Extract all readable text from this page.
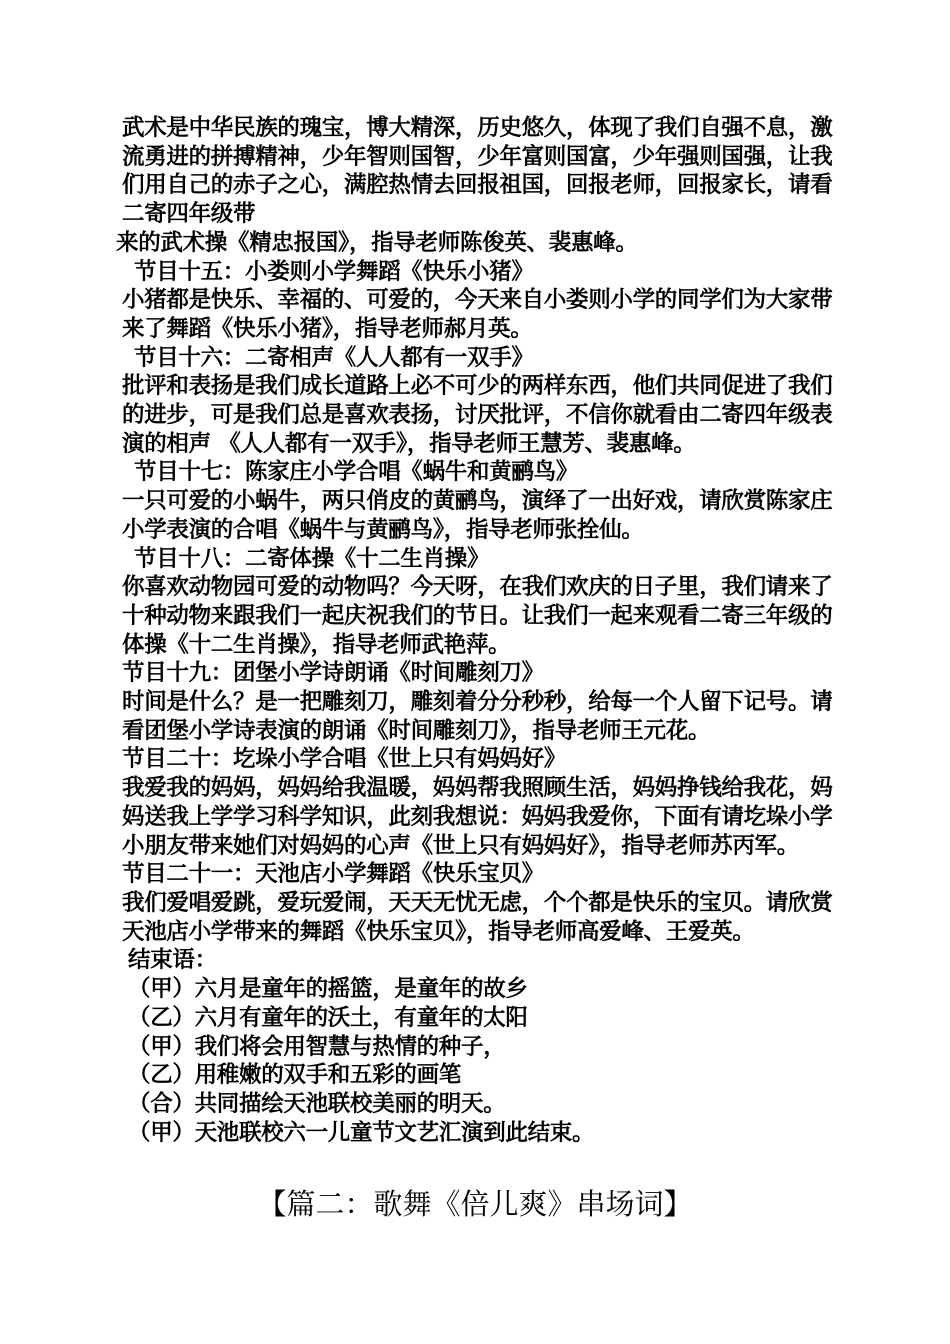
武术是中华民族的瑰宝，博大精深，历史悠久，体现了我们自强不息，激流勇进的拼搏精神，少年智则国智，少年富则国富，少年强则国强，让我们用自己的赤子之心，满腔热情去回报祖国，回报老师，回报家长，请看二寄四年级带

来的武术操《精忠报国》，指导老师陈俊英、裴惠峰。

节目十五：小娄则小学舞蹈《快乐小猪》

小猪都是快乐、幸福的、可爱的，今天来自小娄则小学的同学们为大家带来了舞蹈《快乐小猪》，指导老师郝月英。

节目十六：二寄相声《人人都有一双手》

批评和表扬是我们成长道路上必不可少的两样东西，他们共同促进了我们的进步，可是我们总是喜欢表扬，讨厌批评，不信你就看由二寄四年级表演的相声 《人人都有一双手》，指导老师王慧芳、裴惠峰。

节目十七：陈家庄小学合唱《蜗牛和黄鹂鸟》

一只可爱的小蜗牛，两只俏皮的黄鹂鸟，演绎了一出好戏，请欣赏陈家庄小学表演的合唱《蜗牛与黄鹂鸟》，指导老师张拴仙。

节目十八：二寄体操《十二生肖操》

你喜欢动物园可爱的动物吗？今天呀，在我们欢庆的日子里，我们请来了十种动物来跟我们一起庆祝我们的节日。让我们一起来观看二寄三年级的体操《十二生肖操》，指导老师武艳萍。

节目十九：团堡小学诗朗诵《时间雕刻刀》

时间是什么？是一把雕刻刀，雕刻着分分秒秒，给每一个人留下记号。请看团堡小学诗表演的朗诵《时间雕刻刀》，指导老师王元花。

节目二十：圪垛小学合唱《世上只有妈妈好》

我爱我的妈妈，妈妈给我温暖，妈妈帮我照顾生活，妈妈挣钱给我花，妈妈送我上学学习科学知识，此刻我想说：妈妈我爱你，下面有请圪垛小学小朋友带来她们对妈妈的心声《世上只有妈妈好》，指导老师苏丙军。

节目二十一：天池店小学舞蹈《快乐宝贝》

我们爱唱爱跳，爱玩爱闹，天天无忧无虑，个个都是快乐的宝贝。请欣赏天池店小学带来的舞蹈《快乐宝贝》，指导老师高爱峰、王爱英。

结束语：

（甲）六月是童年的摇篮，是童年的故乡

（乙）六月有童年的沃土，有童年的太阳

（甲）我们将会用智慧与热情的种子，

（乙）用稚嫩的双手和五彩的画笔

（合）共同描绘天池联校美丽的明天。

（甲）天池联校六一儿童节文艺汇演到此结束。

【篇二：歌舞《倍儿爽》串场词】
